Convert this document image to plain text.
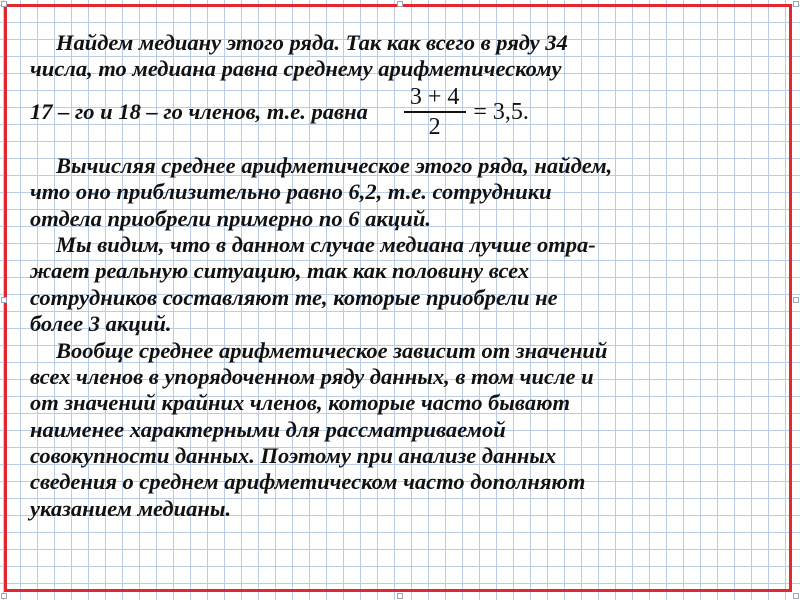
Найдем медиану этого ряда. Так как всего в ряду 34
числа, то медиана равна среднему арифметическому
17 – го и 18 – го членов, т.е. равна $\frac{3 + 4}{2} = 3,5$.
Вычисляя среднее арифметическое этого ряда, найдем,
что оно приблизительно равно 6,2, т.е. сотрудники
отдела приобрели примерно по 6 акций.
Мы видим, что в данном случае медиана лучше отра-
жает реальную ситуацию, так как половину всех
сотрудников составляют те, которые приобрели не
более 3 акций.
Вообще среднее арифметическое зависит от значений
всех членов в упорядоченном ряду данных, в том числе и
от значений крайних членов, которые часто бывают
наименее характерными для рассматриваемой
совокупности данных. Поэтому при анализе данных
сведения о среднем арифметическом часто дополняют
указанием медианы.
